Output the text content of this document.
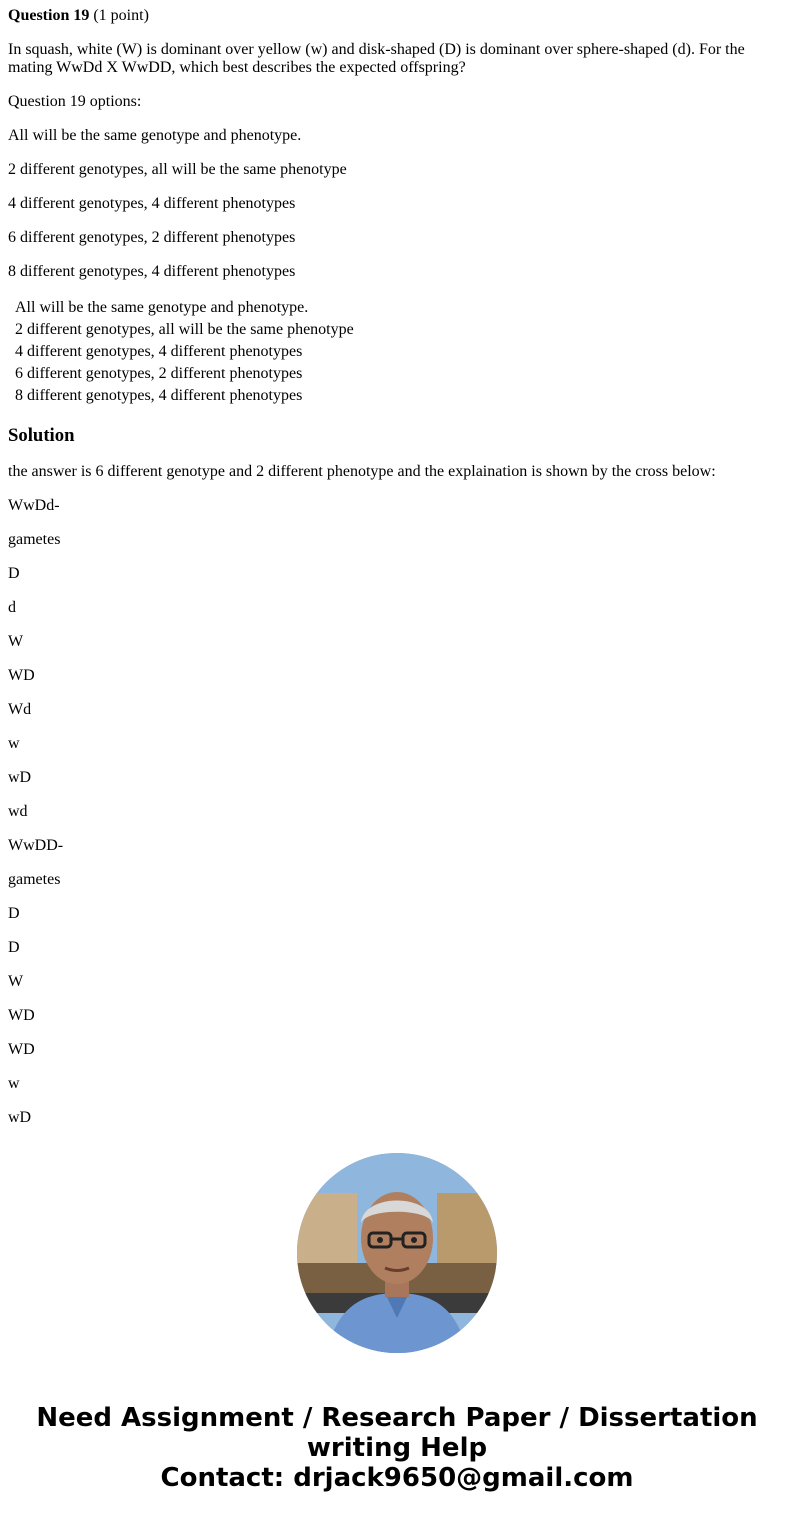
Question 19 (1 point)

In squash, white (W) is dominant over yellow (w) and disk-shaped (D) is dominant over sphere-shaped (d). For the mating WwDd X WwDD, which best describes the expected offspring?

Question 19 options:

All will be the same genotype and phenotype.

2 different genotypes, all will be the same phenotype

4 different genotypes, 4 different phenotypes

6 different genotypes, 2 different phenotypes

8 different genotypes, 4 different phenotypes

All will be the same genotype and phenotype.
2 different genotypes, all will be the same phenotype
4 different genotypes, 4 different phenotypes
6 different genotypes, 2 different phenotypes
8 different genotypes, 4 different phenotypes
Solution

the answer is 6 different genotype and 2 different phenotype and the explaination is shown by the cross below:

WwDd-

gametes

D

d

W

WD

Wd

w

wD

wd

WwDD-

gametes

D

D

W

WD

WD

w

wD

Need Assignment / Research Paper / Dissertation
writing Help
Contact: drjack9650@gmail.com
